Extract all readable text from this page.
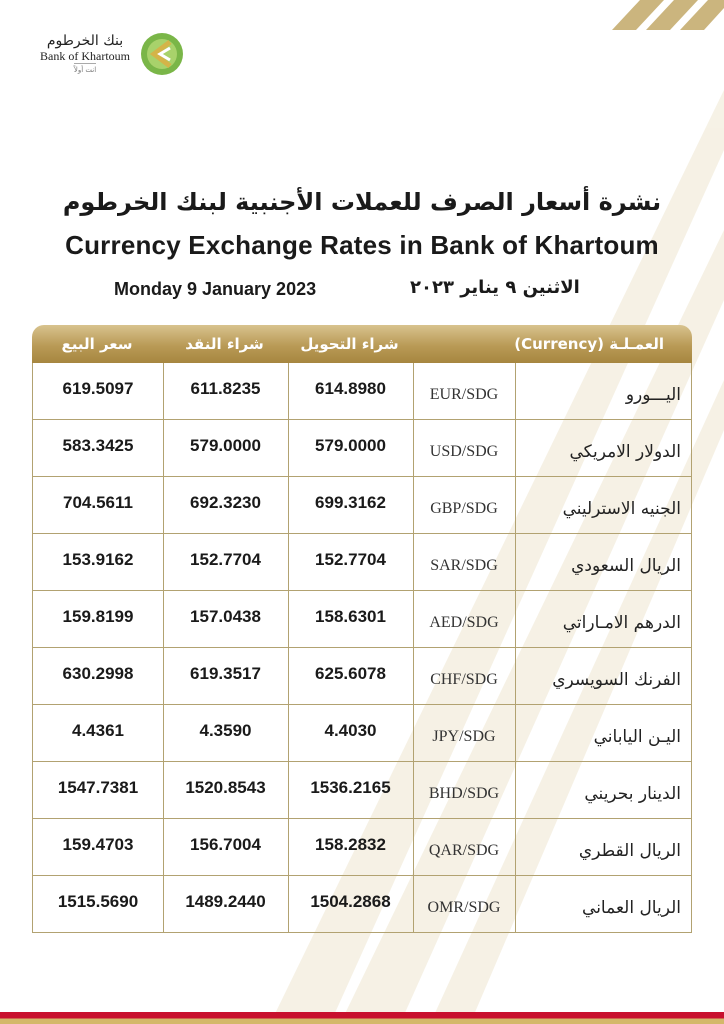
بنك الخرطوم
Bank of Khartoum
انت أولاً
نشرة أسعار الصرف للعملات الأجنبية لبنك الخرطوم
Currency Exchange Rates in Bank of Khartoum
Monday 9 January 2023	الاثنين ٩ يناير ٢٠٢٣
سعر البيع	شراء النقد	شراء التحويل	العمـلـة (Currency)
619.5097	611.8235	614.8980	EUR/SDG	اليـــورو
583.3425	579.0000	579.0000	USD/SDG	الدولار الامريكي
704.5611	692.3230	699.3162	GBP/SDG	الجنيه الاسترليني
153.9162	152.7704	152.7704	SAR/SDG	الريال السعودي
159.8199	157.0438	158.6301	AED/SDG	الدرهم الامـاراتي
630.2998	619.3517	625.6078	CHF/SDG	الفرنك السويسري
4.4361	4.3590	4.4030	JPY/SDG	اليـن الياباني
1547.7381	1520.8543	1536.2165	BHD/SDG	الدينار بحريني
159.4703	156.7004	158.2832	QAR/SDG	الريال القطري
1515.5690	1489.2440	1504.2868	OMR/SDG	الريال العماني
